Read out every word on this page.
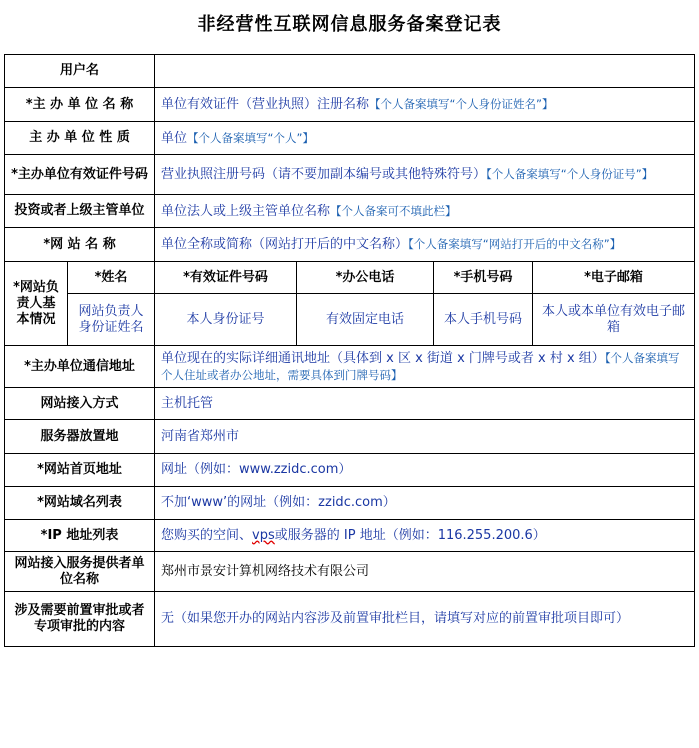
非经营性互联网信息服务备案登记表
用户名					
*主 办 单 位 名 称		单位有效证件（营业执照）注册名称【个人备案填写“个人身份证姓名”】			
主 办 单 位 性 质		单位【个人备案填写“个人”】			
*主办单位有效证件号码		营业执照注册号码（请不要加副本编号或其他特殊符号）【个人备案填写“个人身份证号”】			
投资或者上级主管单位		单位法人或上级主管单位名称【个人备案可不填此栏】			
*网 站 名 称		单位全称或简称（网站打开后的中文名称）【个人备案填写“网站打开后的中文名称”】			
*网站负责人基本情况	*姓名	*有效证件号码	*办公电话	*手机号码	*电子邮箱
	网站负责人身份证姓名	本人身份证号	有效固定电话	本人手机号码	本人或本单位有效电子邮箱
*主办单位通信地址		单位现在的实际详细通讯地址（具体到 x 区 x 街道 x 门牌号或者 x 村 x 组）【个人备案填写个人住址或者办公地址，需要具体到门牌号码】			
网站接入方式		主机托管			
服务器放置地		河南省郑州市			
*网站首页地址		网址（例如：www.zzidc.com）			
*网站域名列表		不加‘www’的网址（例如：zzidc.com）			
*IP 地址列表		您购买的空间、vps或服务器的 IP 地址（例如：116.255.200.6）			
网站接入服务提供者单位名称		郑州市景安计算机网络技术有限公司			
涉及需要前置审批或者专项审批的内容		无（如果您开办的网站内容涉及前置审批栏目，请填写对应的前置审批项目即可）			
